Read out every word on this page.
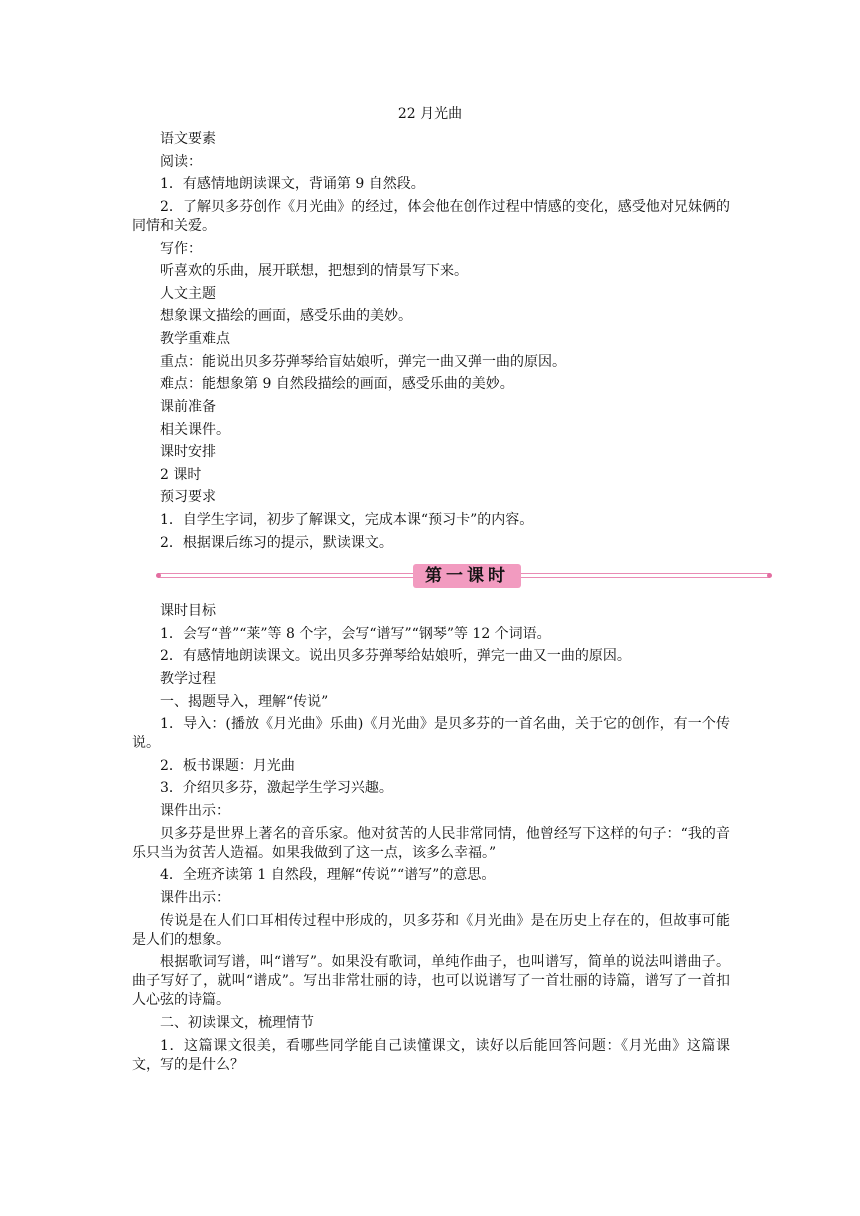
22 月光曲

语文要素

阅读：

1．有感情地朗读课文，背诵第 9 自然段。

2．了解贝多芬创作《月光曲》的经过，体会他在创作过程中情感的变化，感受他对兄妹俩的同情和关爱。

写作：

听喜欢的乐曲，展开联想，把想到的情景写下来。

人文主题

想象课文描绘的画面，感受乐曲的美妙。

教学重难点

重点：能说出贝多芬弹琴给盲姑娘听，弹完一曲又弹一曲的原因。

难点：能想象第 9 自然段描绘的画面，感受乐曲的美妙。

课前准备

相关课件。

课时安排

2 课时

预习要求

1．自学生字词，初步了解课文，完成本课“预习卡”的内容。

2．根据课后练习的提示，默读课文。

第一课时

课时目标

1．会写“普”“莱”等 8 个字，会写“谱写”“钢琴”等 12 个词语。

2．有感情地朗读课文。说出贝多芬弹琴给姑娘听，弹完一曲又一曲的原因。

教学过程

一、揭题导入，理解“传说”

1．导入：(播放《月光曲》乐曲)《月光曲》是贝多芬的一首名曲，关于它的创作，有一个传说。

2．板书课题：月光曲

3．介绍贝多芬，激起学生学习兴趣。

课件出示：

贝多芬是世界上著名的音乐家。他对贫苦的人民非常同情，他曾经写下这样的句子：“我的音乐只当为贫苦人造福。如果我做到了这一点，该多么幸福。”

4．全班齐读第 1 自然段，理解“传说”“谱写”的意思。

课件出示：

传说是在人们口耳相传过程中形成的，贝多芬和《月光曲》是在历史上存在的，但故事可能是人们的想象。

根据歌词写谱，叫“谱写”。如果没有歌词，单纯作曲子，也叫谱写，简单的说法叫谱曲子。曲子写好了，就叫“谱成”。写出非常壮丽的诗，也可以说谱写了一首壮丽的诗篇，谱写了一首扣人心弦的诗篇。

二、初读课文，梳理情节

1．这篇课文很美，看哪些同学能自己读懂课文，读好以后能回答问题：《月光曲》这篇课文，写的是什么？
